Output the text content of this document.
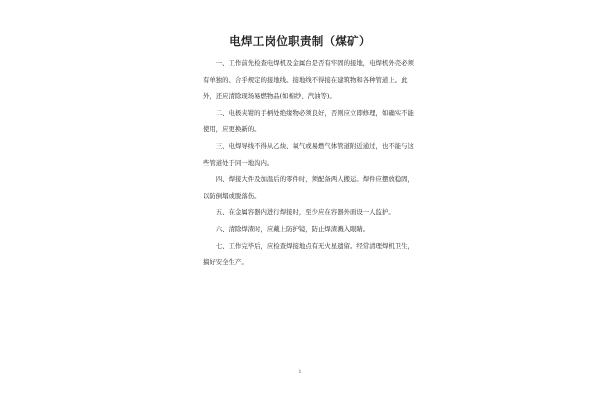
电焊工岗位职责制（煤矿）

一、工作前先检查电焊机及金属台是否有牢固的接地，电焊机外壳必须有单独的、合乎规定的接地线。接地线不得接在建筑物和各种管道上。此外，还应清除现场易燃物品(如棉纱、汽油等)。

二、电极夹钳的手柄处绝缘物必须良好，否则应立即修理，如确实不能使用，应更换新的。

三、电焊导线不得从乙炔、氧气或易燃气体管道附近通过，也不能与这些管道处于同一地沟内。

四、焊接大件及加温后的零件时，须配备两人搬运。焊件应摆放稳固，以防倒塌或脱落伤。

五、在金属容器内进行焊接时，至少应在容器外面设一人监护。

六、清除焊渣时，应戴上防护镜，防止焊渣溅入眼睛。

七、工作完毕后，应检查焊接地点有无火星遗留。经常清理焊机卫生，搞好安全生产。

1
